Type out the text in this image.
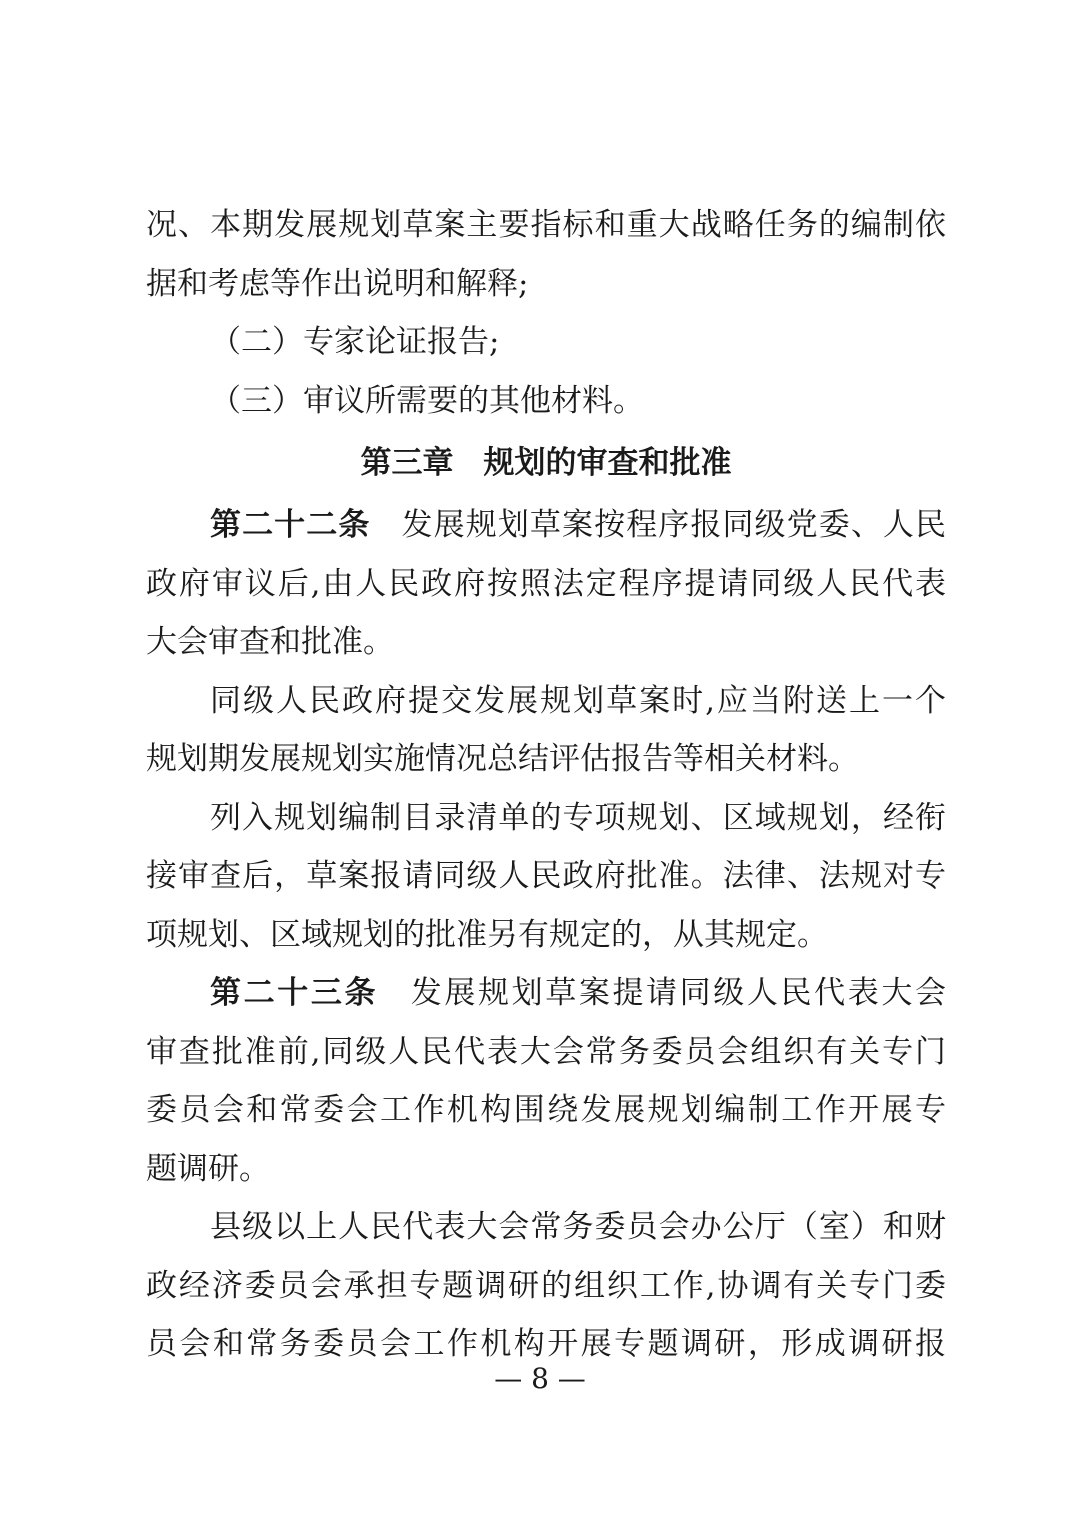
况、本期发展规划草案主要指标和重大战略任务的编制依
据和考虑等作出说明和解释;
（二）专家论证报告;
（三）审议所需要的其他材料。
第三章 规划的审查和批准
第二十二条 发展规划草案按程序报同级党委、人民
政府审议后,由人民政府按照法定程序提请同级人民代表
大会审查和批准。
同级人民政府提交发展规划草案时,应当附送上一个
规划期发展规划实施情况总结评估报告等相关材料。
列入规划编制目录清单的专项规划、区域规划，经衔
接审查后，草案报请同级人民政府批准。法律、法规对专
项规划、区域规划的批准另有规定的，从其规定。
第二十三条 发展规划草案提请同级人民代表大会
审查批准前,同级人民代表大会常务委员会组织有关专门
委员会和常委会工作机构围绕发展规划编制工作开展专
题调研。
县级以上人民代表大会常务委员会办公厅（室）和财
政经济委员会承担专题调研的组织工作,协调有关专门委
员会和常务委员会工作机构开展专题调研，形成调研报
— 8 —
